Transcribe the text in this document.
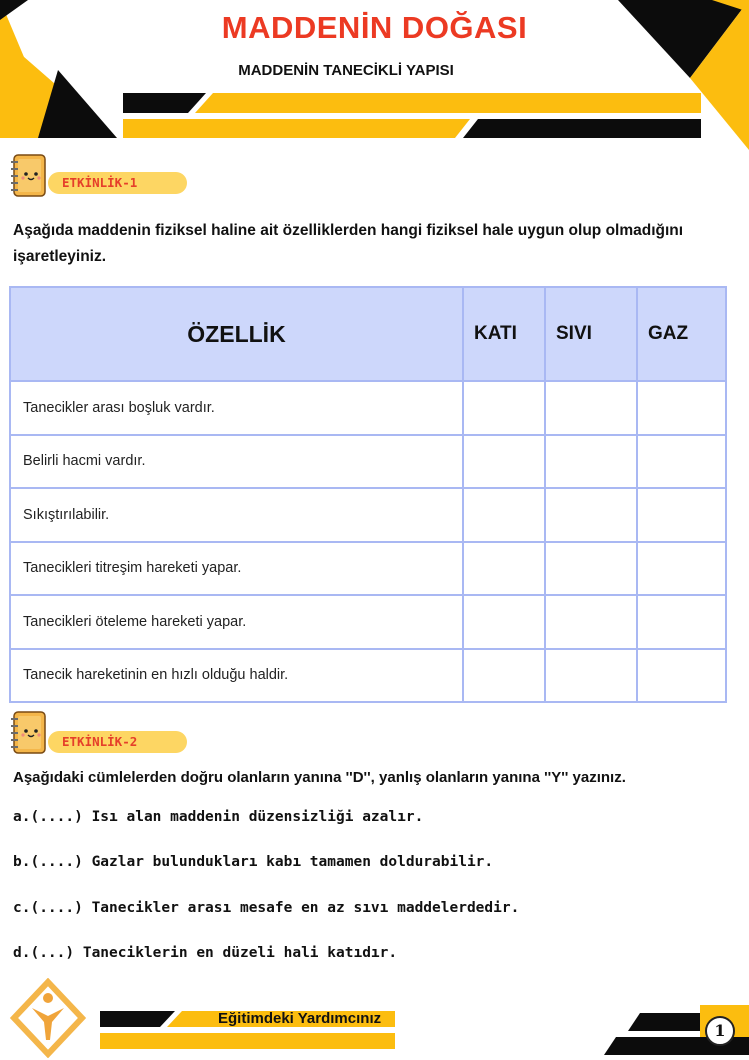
MADDENİN DOĞASI
MADDENİN TANECİKLİ YAPISI
ETKİNLİK-1
Aşağıda maddenin fiziksel haline ait özelliklerden hangi fiziksel hale uygun olup olmadığını işaretleyiniz.
ÖZELLİK	KATI	SIVI	GAZ
Tanecikler arası boşluk vardır.			
Belirli hacmi vardır.			
Sıkıştırılabilir.			
Tanecikleri titreşim hareketi yapar.			
Tanecikleri öteleme hareketi yapar.			
Tanecik hareketinin en hızlı olduğu haldir.			
ETKİNLİK-2
Aşağıdaki cümlelerden doğru olanların yanına ''D'', yanlış olanların yanına ''Y'' yazınız.
a.(....) Isı alan maddenin düzensizliği azalır.
b.(....) Gazlar bulundukları kabı tamamen doldurabilir.
c.(....) Tanecikler arası mesafe en az sıvı maddelerdedir.
d.(...) Taneciklerin en düzeli hali katıdır.
Eğitimdeki Yardımcınız
1
